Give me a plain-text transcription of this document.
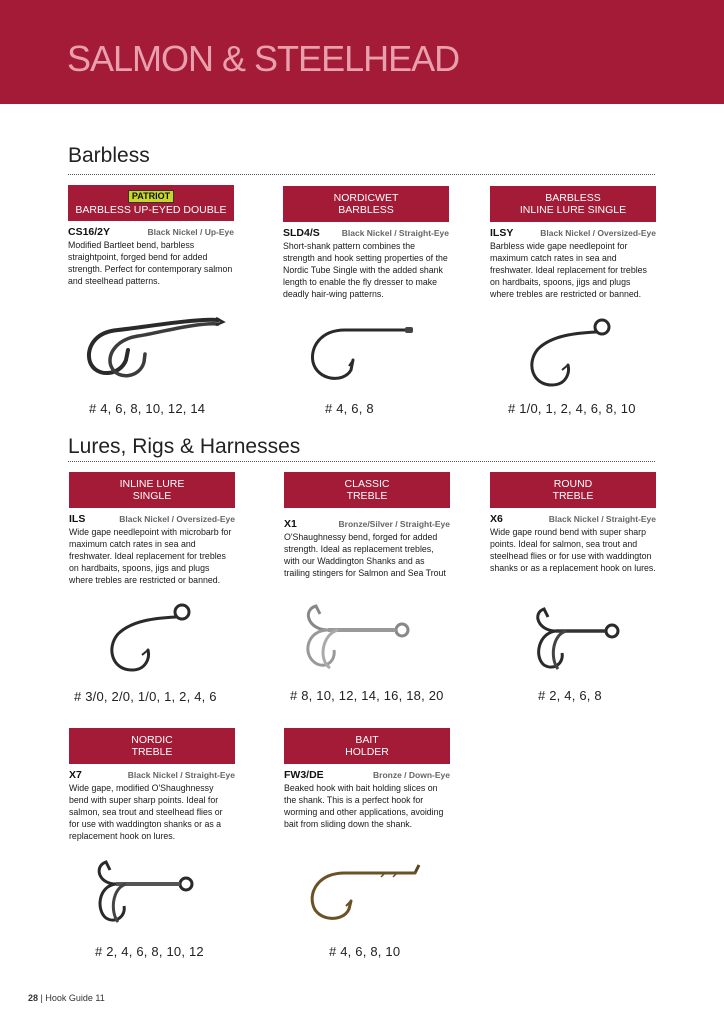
SALMON & STEELHEAD
Barbless
Lures, Rigs & Harnesses
PATRIOT
BARBLESS UP-EYED DOUBLE
CS16/2Y	Black Nickel / Up-Eye
Modified Bartleet bend, barbless straightpoint, forged bend for added strength. Perfect for contemporary salmon and steelhead patterns.
NORDICWET
BARBLESS
SLD4/S	Black Nickel / Straight-Eye
Short-shank pattern combines the strength and hook setting properties of the Nordic Tube Single with the added shank length to enable the fly dresser to make deadly hair-wing patterns.
BARBLESS
INLINE LURE SINGLE
ILSY	Black Nickel / Oversized-Eye
Barbless wide gape needlepoint for maximum catch rates in sea and freshwater. Ideal replacement for trebles on hardbaits, spoons, jigs and plugs where trebles are restricted or banned.
INLINE LURE
SINGLE
ILS	Black Nickel / Oversized-Eye
Wide gape needlepoint with microbarb for maximum catch rates in sea and freshwater. Ideal replacement for trebles on hardbaits, spoons, jigs and plugs where trebles are restricted or banned.
CLASSIC
TREBLE
X1	Bronze/Silver / Straight-Eye
O'Shaughnessy bend, forged for added strength. Ideal as replacement trebles, with our Waddington Shanks and as trailing stingers for Salmon and Sea Trout
ROUND
TREBLE
X6	Black Nickel / Straight-Eye
Wide gape round bend with super sharp points. Ideal for salmon, sea trout and steelhead flies or for use with waddington shanks or as a replacement hook on lures.
NORDIC
TREBLE
X7	Black Nickel / Straight-Eye
Wide gape, modified O'Shaughnessy bend with super sharp points. Ideal for salmon, sea trout and steelhead flies or for use with waddington shanks or as a replacement hook on lures.
BAIT
HOLDER
FW3/DE	Bronze / Down-Eye
Beaked hook with bait holding slices on the shank. This is a perfect hook for worming and other applications, avoiding bait from sliding down the shank.
# 4, 6, 8, 10, 12, 14	# 4, 6, 8	# 1/0, 1, 2, 4, 6, 8, 10
# 3/0, 2/0, 1/0, 1, 2, 4, 6	# 8, 10, 12, 14, 16, 18, 20	# 2, 4, 6, 8
# 2, 4, 6, 8, 10, 12	# 4, 6, 8, 10
28 | Hook Guide 11
